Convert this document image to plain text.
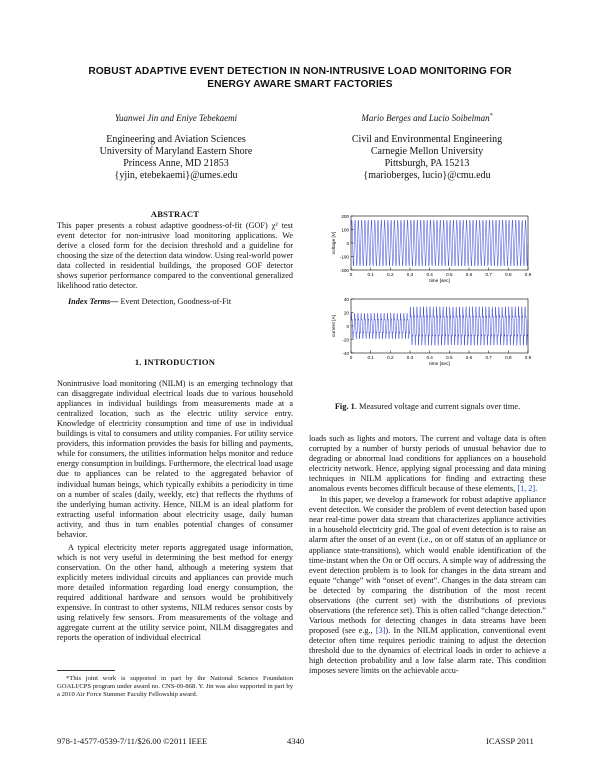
ROBUST ADAPTIVE EVENT DETECTION IN NON-INTRUSIVE LOAD MONITORING FOR
ENERGY AWARE SMART FACTORIES
Yuanwei Jin and Eniye Tebekaemi	Mario Berges and Lucio Soibelman*
Engineering and Aviation Sciences
University of Maryland Eastern Shore
Princess Anne, MD 21853
{yjin, etebekaemi}@umes.edu
Civil and Environmental Engineering
Carnegie Mellon University
Pittsburgh, PA 15213
{marioberges, lucio}@cmu.edu
ABSTRACT
This paper presents a robust adaptive goodness-of-fit (GOF) χ² test event detector for non-intrusive load monitoring applications. We derive a closed form for the decision threshold and a guideline for choosing the size of the detection data window. Using real-world power data collected in residential buildings, the proposed GOF detector shows superior performance compared to the conventional generalized likelihood ratio detector.
Index Terms— Event Detection, Goodness-of-Fit
1. INTRODUCTION

Nonintrusive load monitoring (NILM) is an emerging technology that can disaggregate individual electrical loads due to various household appliances in individual buildings from measurements made at a centralized location, such as the electric utility service entry. Knowledge of electricity consumption and time of use in individual buildings is vital to consumers and utility companies. For utility service providers, this information provides the basis for billing and payments, while for consumers, the utilities information helps monitor and reduce energy consumption in buildings. Furthermore, the electrical load usage due to appliances can be related to the aggregated behavior of individual human beings, which typically exhibits a periodicity in time on a number of scales (daily, weekly, etc) that reflects the rhythms of the underlying human activity. Hence, NILM is an ideal platform for extracting useful information about electricity usage, daily human activity, and thus in turn enables potential changes of consumer behavior.

A typical electricity meter reports aggregated usage information, which is not very useful in determining the best method for energy conservation. On the other hand, although a metering system that explicitly meters individual circuits and appliances can provide much more detailed information regarding load energy consumption, the required additional hardware and sensors would be prohibitively expensive. In contrast to other systems, NILM reduces sensor costs by using relatively few sensors. From measurements of the voltage and aggregate current at the utility service point, NILM disaggregates and reports the operation of individual electrical

*This joint work is supported in part by the National Science Foundation GOALI/CPS program under award no. CNS-09-868. Y. Jin was also supported in part by a 2010 Air Force Summer Faculty Fellowship award.
200
100
0
-100
-200
0	0.1	0.2	0.3	0.4	0.5	0.6	0.7	0.8	0.9
time [sec]
voltage [V]
40
20
0
-20
-40
0	0.1	0.2	0.3	0.4	0.5	0.6	0.7	0.8	0.9
time [sec]
current [A]
Fig. 1. Measured voltage and current signals over time.

loads such as lights and motors. The current and voltage data is often corrupted by a number of bursty periods of unusual behavior due to degrading or abnormal load conditions for appliances on a household electricity network. Hence, applying signal processing and data mining techniques in NILM applications for finding and extracting these anomalous events becomes difficult because of these elements, [1, 2].

In this paper, we develop a framework for robust adaptive appliance event detection. We consider the problem of event detection based upon near real-time power data stream that characterizes appliance activities in a household electricity grid. The goal of event detection is to raise an alarm after the onset of an event (i.e., on or off status of an appliance or appliance state-transitions), which would enable identification of the time-instant when the On or Off occurs. A simple way of addressing the event detection problem is to look for changes in the data stream and equate “change” with “onset of event”. Changes in the data stream can be detected by comparing the distribution of the most recent observations (the current set) with the distributions of previous observations (the reference set). This is often called “change detection.” Various methods for detecting changes in data streams have been proposed (see e.g., [3]). In the NILM application, conventional event detector often time requires periodic training to adjust the detection threshold due to the dynamics of electrical loads in order to achieve a high detection probability and a low false alarm rate. This condition imposes severe limits on the achievable accu-

978-1-4577-0539-7/11/$26.00 ©2011 IEEE	4340	ICASSP 2011
